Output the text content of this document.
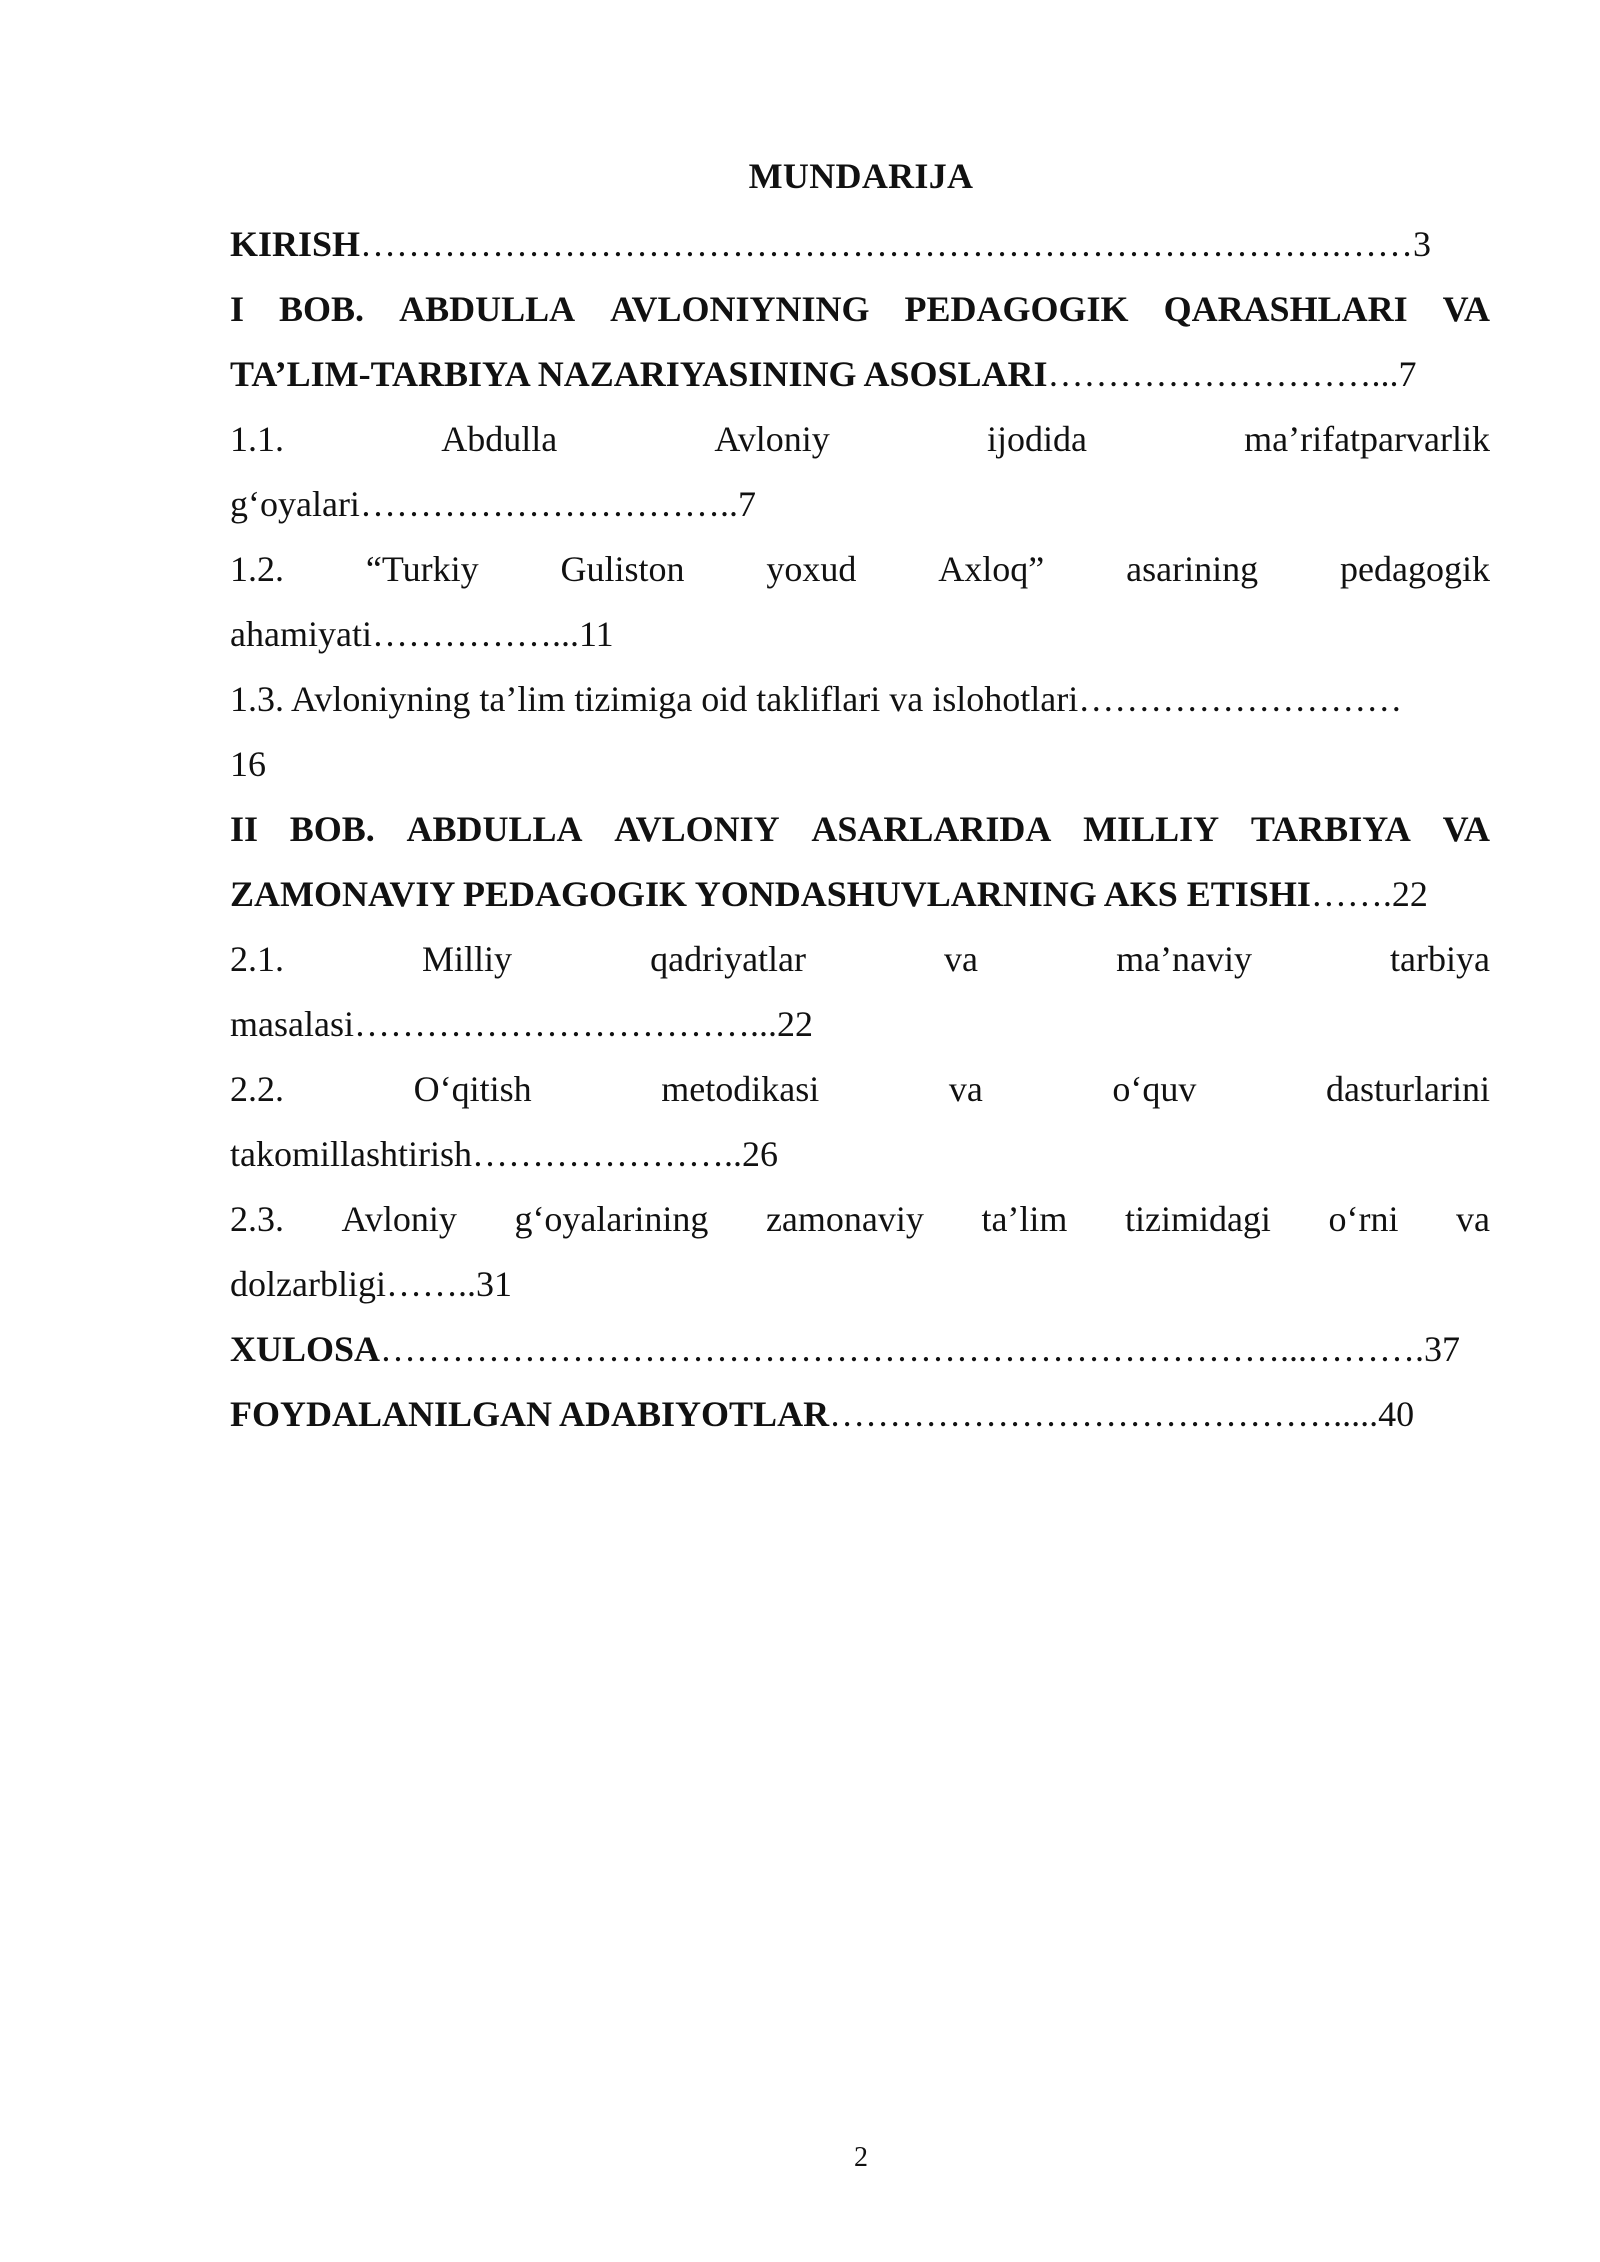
MUNDARIJA
KIRISH……………………………………………………………………….……3
I BOB. ABDULLA AVLONIYNING PEDAGOGIK QARASHLARI VA
TA’LIM-TARBIYA NAZARIYASINING ASOSLARI………………………...7
1.1.	Abdulla	Avloniy	ijodida	ma’rifatparvarlik
g‘oyalari…………………………..7
1.2. “Turkiy Guliston yoxud Axloq” asarining pedagogik
ahamiyati……………...11
1.3. Avloniyning ta’lim tizimiga oid takliflari va islohotlari………………………
16
II BOB. ABDULLA AVLONIY ASARLARIDA MILLIY TARBIYA VA
ZAMONAVIY PEDAGOGIK YONDASHUVLARNING AKS ETISHI…….22
2.1.	Milliy	qadriyatlar	va	ma’naviy	tarbiya
masalasi……………………………...22
2.2.	O‘qitish	metodikasi	va	o‘quv	dasturlarini
takomillashtirish…………………..26
2.3. Avloniy g‘oyalarining zamonaviy ta’lim tizimidagi o‘rni va
dolzarbligi……..31
XULOSA…………………………………………………………………...……….37
FOYDALANILGAN ADABIYOTLAR…………………………………….....40
2
